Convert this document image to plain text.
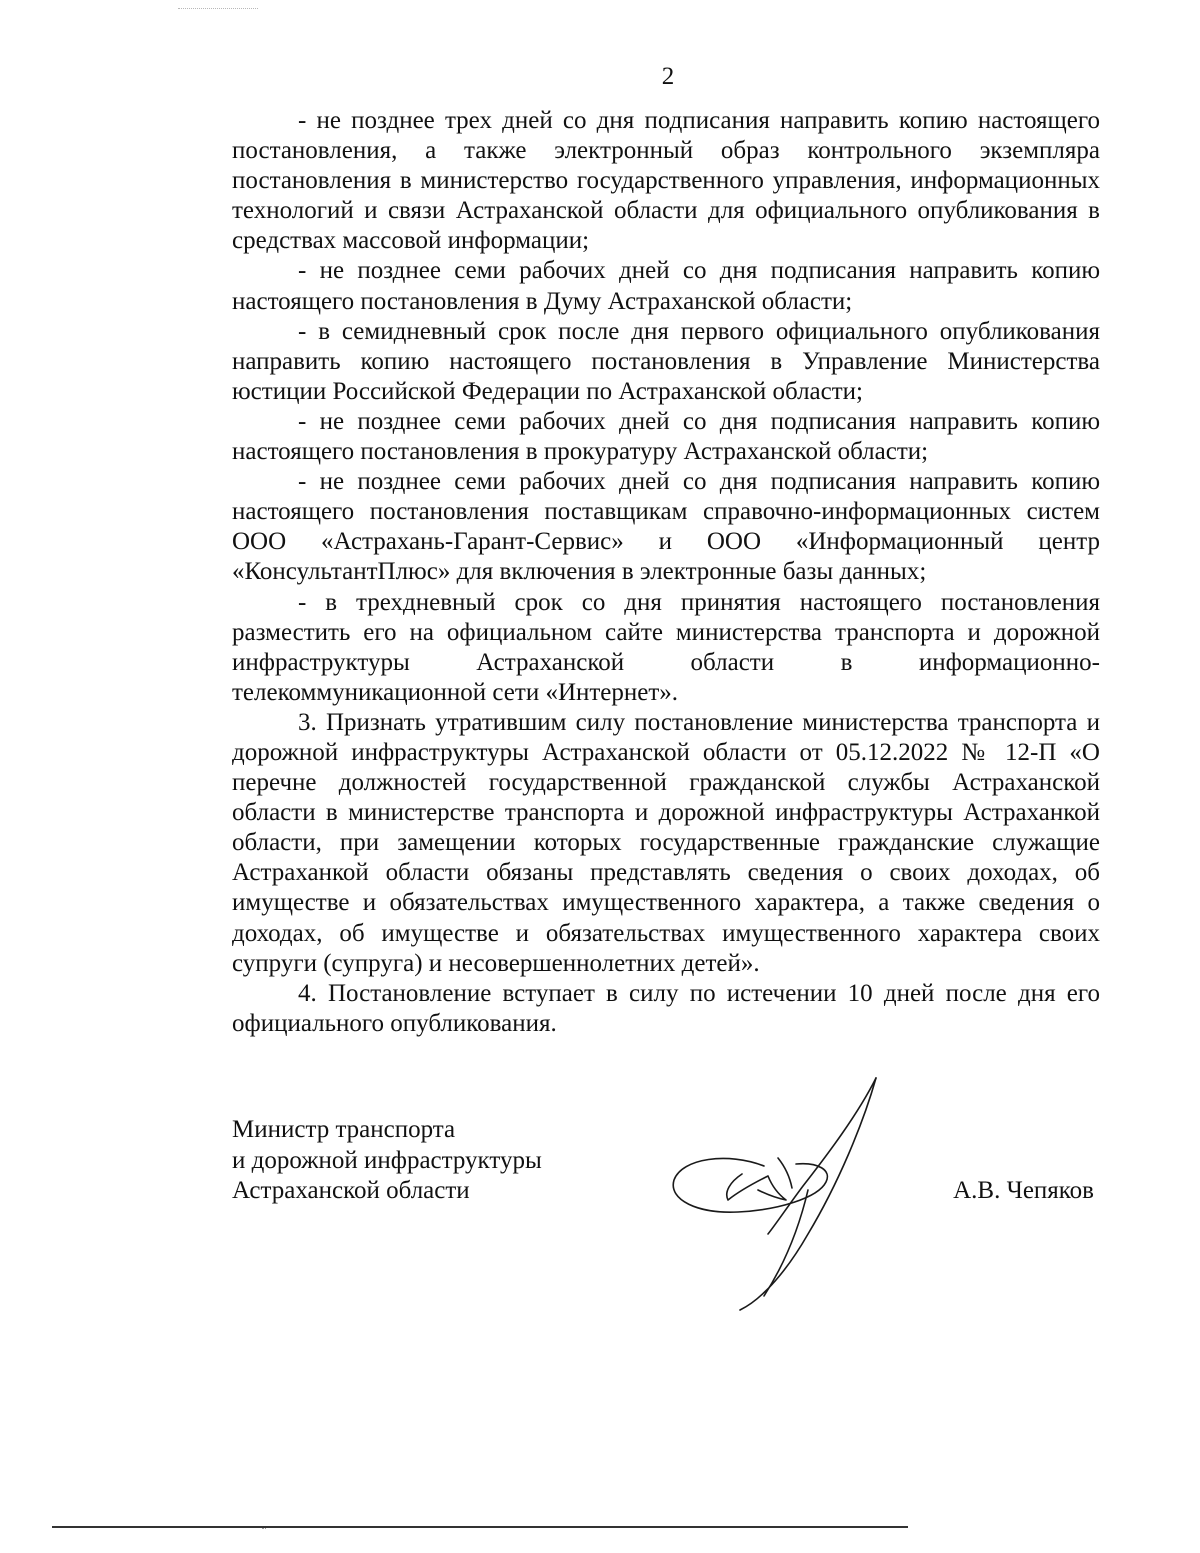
2

- не позднее трех дней со дня подписания направить копию настоящего постановления, а также электронный образ контрольного экземпляра постановления в министерство государственного управления, информационных технологий и связи Астраханской области для официального опубликования в средствах массовой информации;

- не позднее семи рабочих дней со дня подписания направить копию настоящего постановления в Думу Астраханской области;

- в семидневный срок после дня первого официального опубликования направить копию настоящего постановления в Управление Министерства юстиции Российской Федерации по Астраханской области;

- не позднее семи рабочих дней со дня подписания направить копию настоящего постановления в прокуратуру Астраханской области;

- не позднее семи рабочих дней со дня подписания направить копию настоящего постановления поставщикам справочно-информационных систем ООО «Астрахань-Гарант-Сервис» и ООО «Информационный центр «КонсультантПлюс» для включения в электронные базы данных;

- в трехдневный срок со дня принятия настоящего постановления разместить его на официальном сайте министерства транспорта и дорожной инфраструктуры Астраханской области в информационно-телекоммуникационной сети «Интернет».

3. Признать утратившим силу постановление министерства транспорта и дорожной инфраструктуры Астраханской области от 05.12.2022 № 12-П «О перечне должностей государственной гражданской службы Астраханской области в министерстве транспорта и дорожной инфраструктуры Астраханкой области, при замещении которых государственные гражданские служащие Астраханкой области обязаны представлять сведения о своих доходах, об имуществе и обязательствах имущественного характера, а также сведения о доходах, об имуществе и обязательствах имущественного характера своих супруги (супруга) и несовершеннолетних детей».

4. Постановление вступает в силу по истечении 10 дней после дня его официального опубликования.

Министр транспорта
и дорожной инфраструктуры
Астраханской области	А.В. Чепяков
